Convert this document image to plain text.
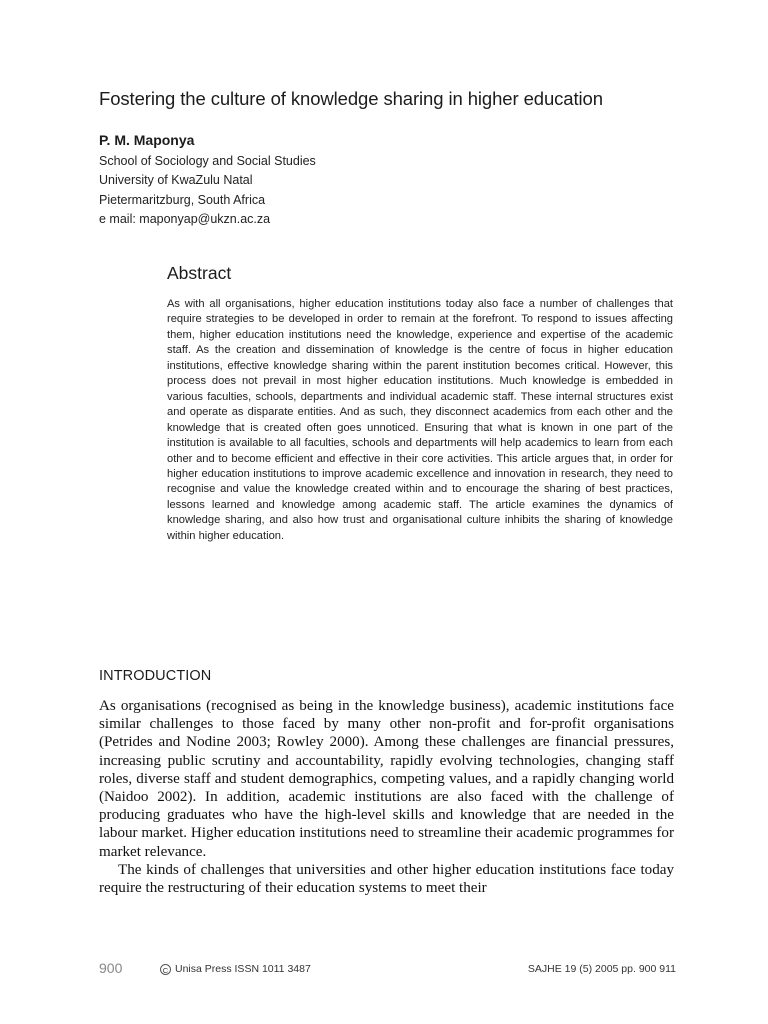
Fostering the culture of knowledge sharing in higher education
P. M. Maponya
School of Sociology and Social Studies
University of KwaZulu Natal
Pietermaritzburg, South Africa
e mail: maponyap@ukzn.ac.za
Abstract
As with all organisations, higher education institutions today also face a number of challenges that require strategies to be developed in order to remain at the forefront. To respond to issues affecting them, higher education institutions need the knowledge, experience and expertise of the academic staff. As the creation and dissemination of knowledge is the centre of focus in higher education institutions, effective knowledge sharing within the parent institution becomes critical. However, this process does not prevail in most higher education institutions. Much knowledge is embedded in various faculties, schools, departments and individual academic staff. These internal structures exist and operate as disparate entities. And as such, they disconnect academics from each other and the knowledge that is created often goes unnoticed. Ensuring that what is known in one part of the institution is available to all faculties, schools and departments will help academics to learn from each other and to become efficient and effective in their core activities. This article argues that, in order for higher education institutions to improve academic excellence and innovation in research, they need to recognise and value the knowledge created within and to encourage the sharing of best practices, lessons learned and knowledge among academic staff. The article examines the dynamics of knowledge sharing, and also how trust and organisational culture inhibits the sharing of knowledge within higher education.
INTRODUCTION

As organisations (recognised as being in the knowledge business), academic institutions face similar challenges to those faced by many other non-profit and for-profit organisations (Petrides and Nodine 2003; Rowley 2000). Among these challenges are financial pressures, increasing public scrutiny and accountability, rapidly evolving technologies, changing staff roles, diverse staff and student demographics, competing values, and a rapidly changing world (Naidoo 2002). In addition, academic institutions are also faced with the challenge of producing graduates who have the high-level skills and knowledge that are needed in the labour market. Higher education institutions need to streamline their academic programmes for market relevance.

The kinds of challenges that universities and other higher education institutions face today require the restructuring of their education systems to meet their

900	C Unisa Press ISSN 1011 3487	SAJHE 19 (5) 2005 pp. 900 911
